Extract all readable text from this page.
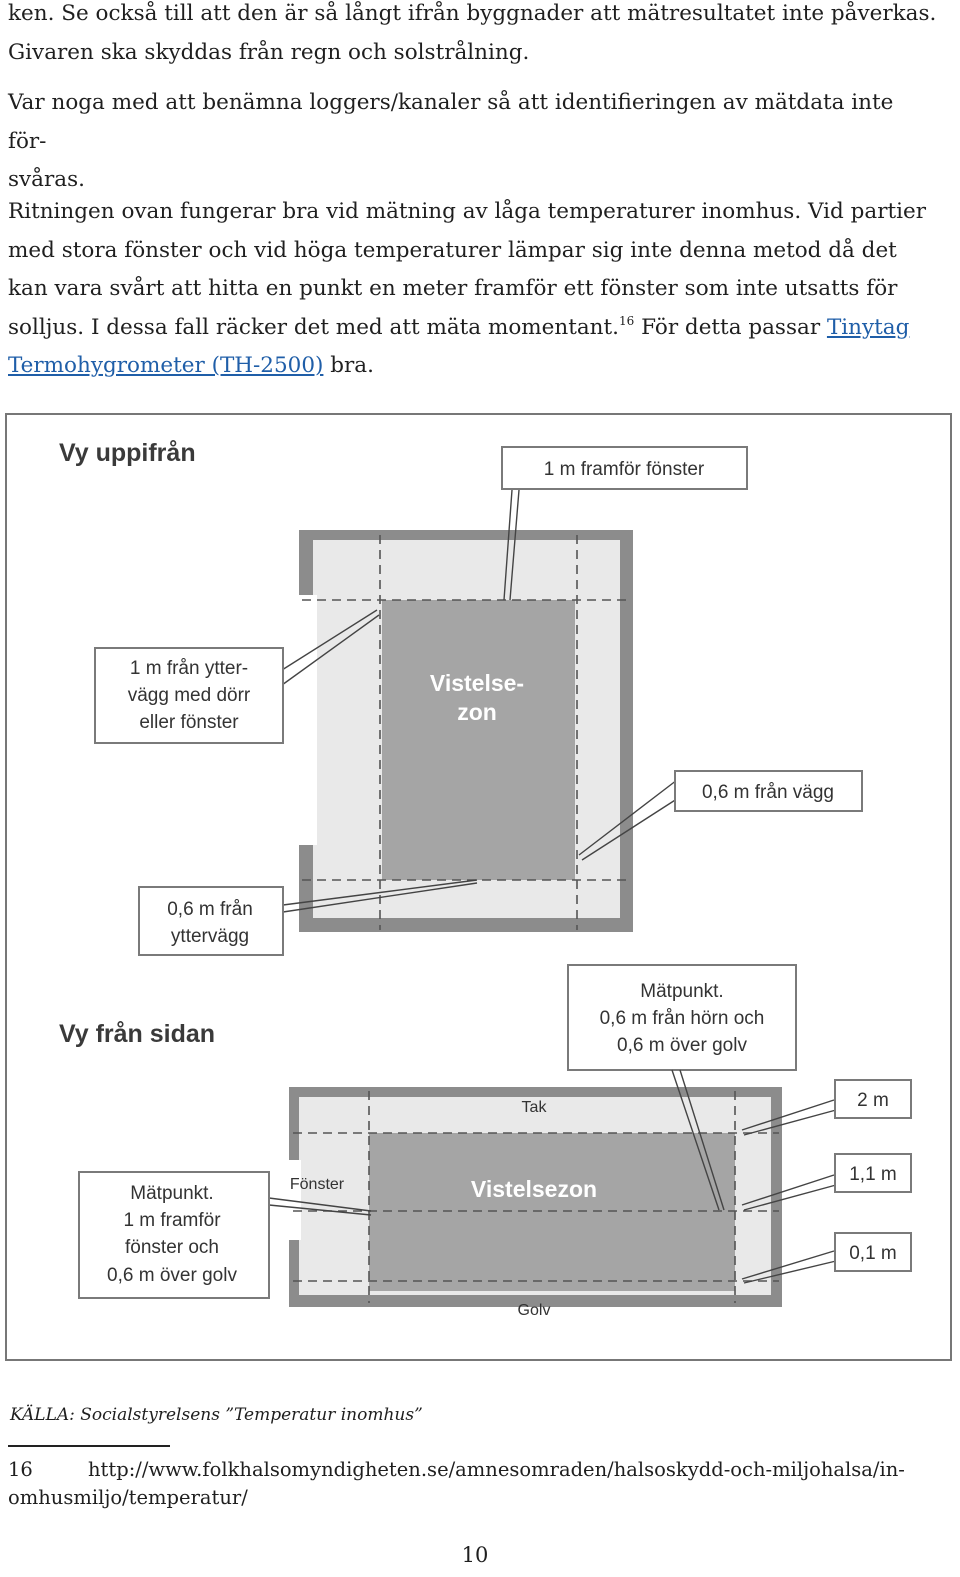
ken. Se också till att den är så långt ifrån byggnader att mätresultatet inte påverkas.
Givaren ska skyddas från regn och solstrålning.

Var noga med att benämna loggers/kanaler så att identifieringen av mätdata inte för-
svåras.

Ritningen ovan fungerar bra vid mätning av låga temperaturer inomhus. Vid partier
med stora fönster och vid höga temperaturer lämpar sig inte denna metod då det
kan vara svårt att hitta en punkt en meter framför ett fönster som inte utsatts för
solljus. I dessa fall räcker det med att mäta momentant.$^{16}$ För detta passar Tinytag
Termohygrometer (TH-2500) bra.

Vy uppifrån
Vistelse-
zon
1 m framför fönster
1 m från ytter-
vägg med dörr
eller fönster
0,6 m från vägg
0,6 m från
yttervägg
Vy från sidan
Mätpunkt.
0,6 m från hörn och
0,6 m över golv
Tak
Fönster	Vistelsezon
Golv
2 m
1,1 m
0,1 m
Mätpunkt.
1 m framför
fönster och
0,6 m över golv

KÄLLA: Socialstyrelsens ”Temperatur inomhus”

16	http://www.folkhalsomyndigheten.se/amnesomraden/halsoskydd-och-miljohalsa/in-
omhusmiljo/temperatur/

10
